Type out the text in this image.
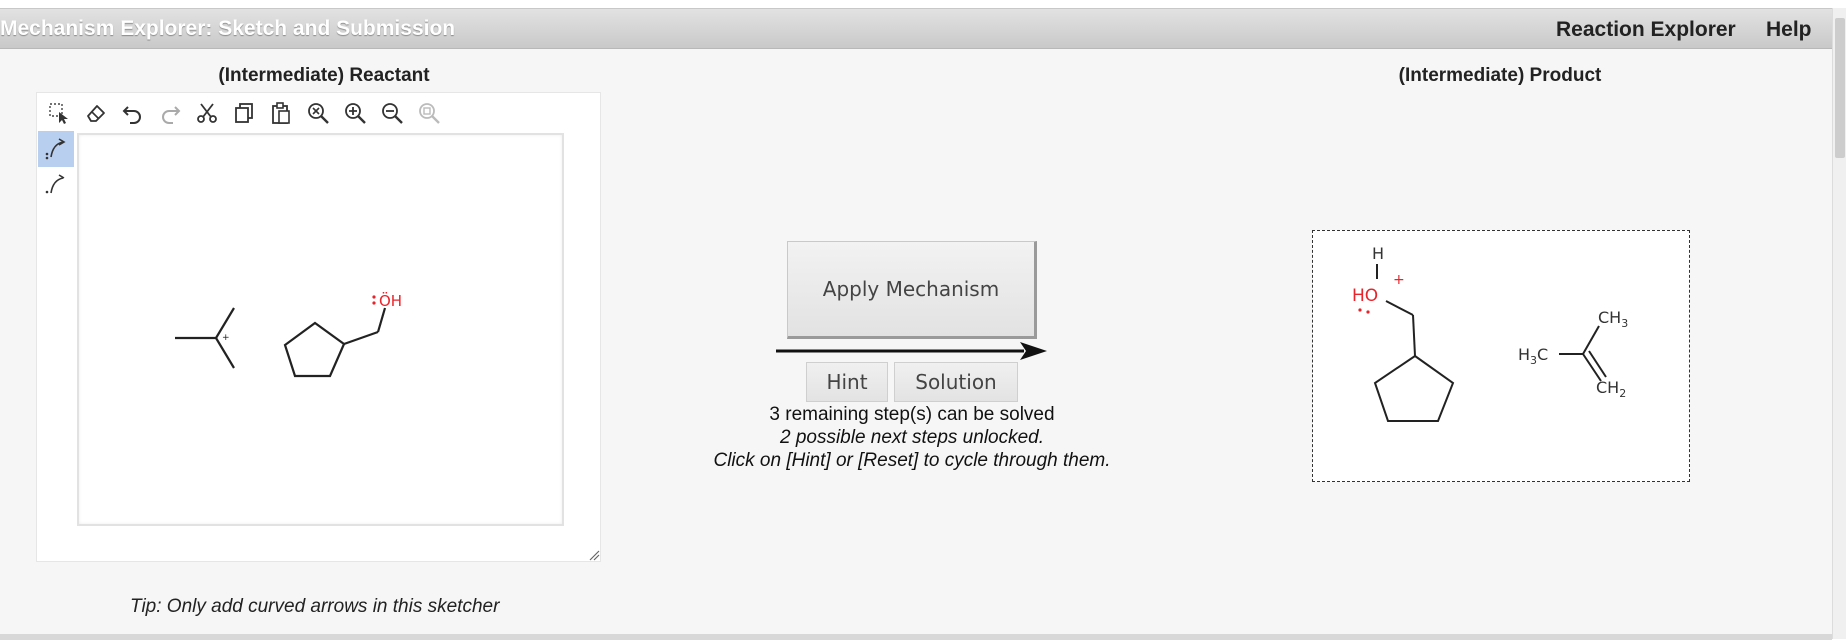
Mechanism Explorer: Sketch and Submission	Reaction Explorer Help
(Intermediate) Reactant
+
ÖH
Tip: Only add curved arrows in this sketcher
Apply Mechanism
Hint	Solution
3 remaining step(s) can be solved
2 possible next steps unlocked.
Click on [Hint] or [Reset] to cycle through them.
(Intermediate) Product
H
HO
+
$CH_3$
$H_3C$
$CH_2$
